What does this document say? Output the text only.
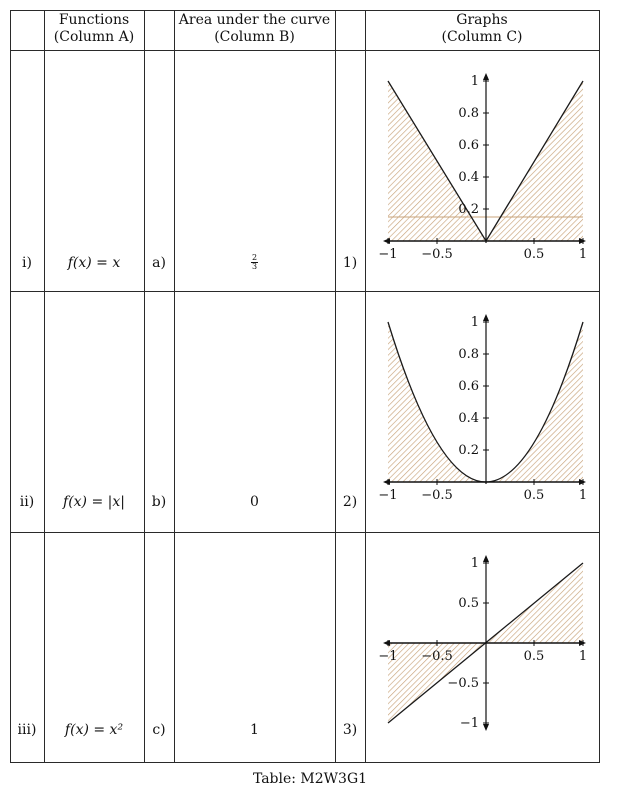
Functions
(Column A)
Area under the curve
(Column B)
Graphs
(Column C)
i)	f(x) = x	a)	$\frac{2}{3}$	1)
ii)	f(x) = |x|	b)	0	2)
iii)	f(x) = x²	c)	1	3)
−1 −0.5	0.5	1
1
0.8
0.6
0.4
0.2
−1 −0.5	0.5	1
1
0.8
0.6
0.4
0.2
−1 −0.5	0.5	1
1
0.5
−0.5
−1
Table: M2W3G1
